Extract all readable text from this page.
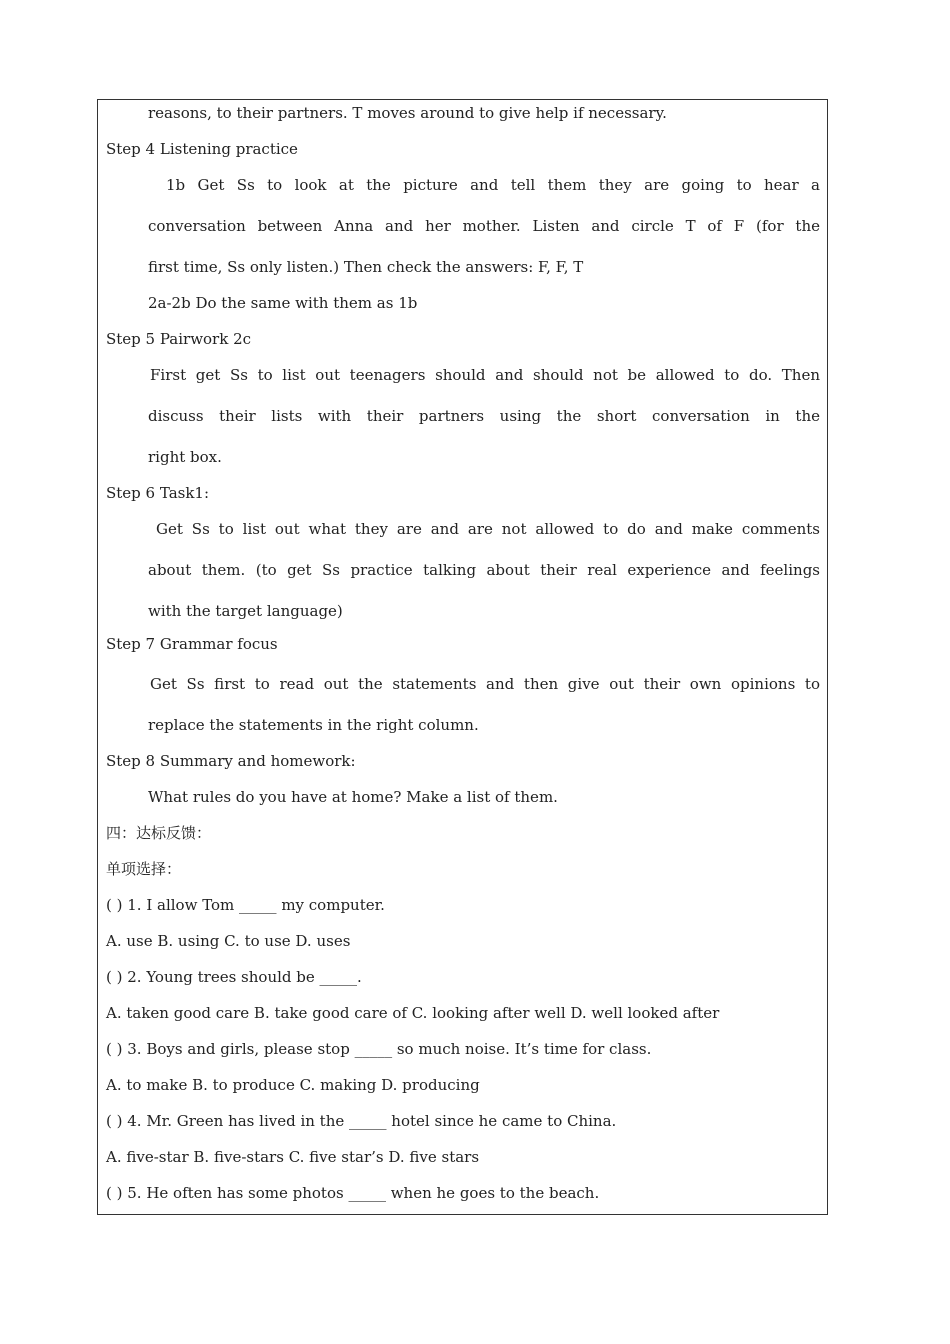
reasons, to their partners. T moves around to give help if necessary.
Step 4 Listening practice
1b Get Ss to look at the picture and tell them they are going to hear a
conversation between Anna and her mother. Listen and circle T of F (for the
first time, Ss only listen.) Then check the answers: F, F, T
2a-2b Do the same with them as 1b
Step 5 Pairwork 2c
First get Ss to list out teenagers should and should not be allowed to do. Then
discuss their lists with their partners using the short conversation in the
right box.
Step 6 Task1:
Get Ss to list out what they are and are not allowed to do and make comments
about them. (to get Ss practice talking about their real experience and feelings
with the target language)
Step 7 Grammar focus
Get Ss first to read out the statements and then give out their own opinions to
replace the statements in the right column.
Step 8 Summary and homework:
What rules do you have at home? Make a list of them.
四：达标反馈：
单项选择：
( ) 1. I allow Tom _____ my computer.
A. use B. using C. to use D. uses
( ) 2. Young trees should be _____.
A. taken good care B. take good care of C. looking after well D. well looked after
( ) 3. Boys and girls, please stop _____ so much noise. It’s time for class.
A. to make B. to produce C. making D. producing
( ) 4. Mr. Green has lived in the _____ hotel since he came to China.
A. five-star B. five-stars C. five star’s D. five stars
( ) 5. He often has some photos _____ when he goes to the beach.
